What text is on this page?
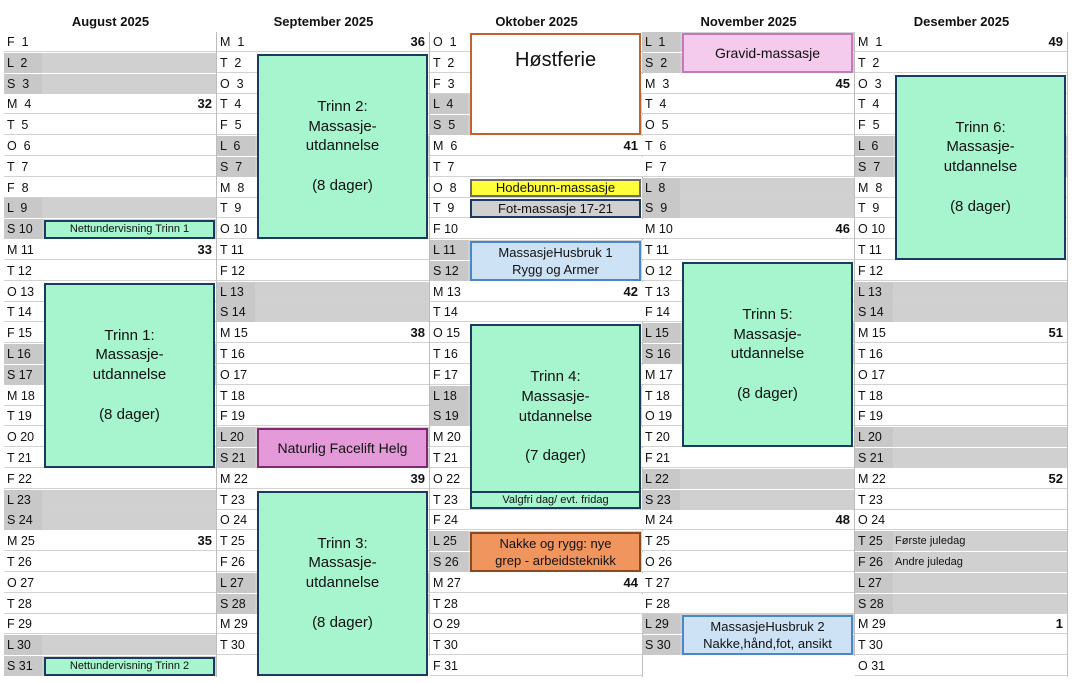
August 2025
F  1
L  2
S  3
M  4	32
T  5
O  6
T  7
F  8
L  9
S 10
M 11	33
T 12
O 13
T 14
F 15
L 16
S 17
M 18
T 19
O 20
T 21
F 22
L 23
S 24
M 25	35
T 26
O 27
T 28
F 29
L 30
S 31
September 2025
M  1	36
T  2
O  3
T  4
F  5
L  6
S  7
M  8
T  9
O 10
T 11
F 12
L 13
S 14
M 15	38
T 16
O 17
T 18
F 19
L 20
S 21
M 22	39
T 23
O 24
T 25
F 26
L 27
S 28
M 29
T 30
Oktober 2025
O  1
T  2
F  3
L  4
S  5
M  6	41
T  7
O  8
T  9
F 10
L 11
S 12
M 13	42
T 14
O 15
T 16
F 17
L 18
S 19
M 20
T 21
O 22
T 23
F 24
L 25
S 26
M 27	44
T 28
O 29
T 30
F 31
November 2025
L  1
S  2
M  3	45
T  4
O  5
T  6
F  7
L  8
S  9
M 10	46
T 11
O 12
T 13
F 14
L 15
S 16
M 17
T 18
O 19
T 20
F 21
L 22
S 23
M 24	48
T 25
O 26
T 27
F 28
L 29
S 30
Desember 2025
M  1	49
T  2
O  3
T  4
F  5
L  6
S  7
M  8
T  9
O 10
T 11
F 12
L 13
S 14
M 15	51
T 16
O 17
T 18
F 19
L 20
S 21
M 22	52
T 23
O 24
T 25	Første juledag
F 26	Andre juledag
L 27
S 28
M 29	1
T 30
O 31
Trinn 1:
Massasje-
utdannelse

(8 dager)
Nettundervisning Trinn 1
Nettundervisning Trinn 2
Trinn 2:
Massasje-
utdannelse

(8 dager)
Naturlig Facelift Helg
Trinn 3:
Massasje-
utdannelse

(8 dager)
Høstferie
Hodebunn-massasje
Fot-massasje 17-21
MassasjeHusbruk 1
Rygg og Armer
Trinn 4:
Massasje-
utdannelse

(7 dager)
Valgfri dag/ evt. fridag
Nakke og rygg: nye
grep - arbeidsteknikk
Gravid-massasje
Trinn 5:
Massasje-
utdannelse

(8 dager)
MassasjeHusbruk 2
Nakke,hånd,fot, ansikt
Trinn 6:
Massasje-
utdannelse

(8 dager)
